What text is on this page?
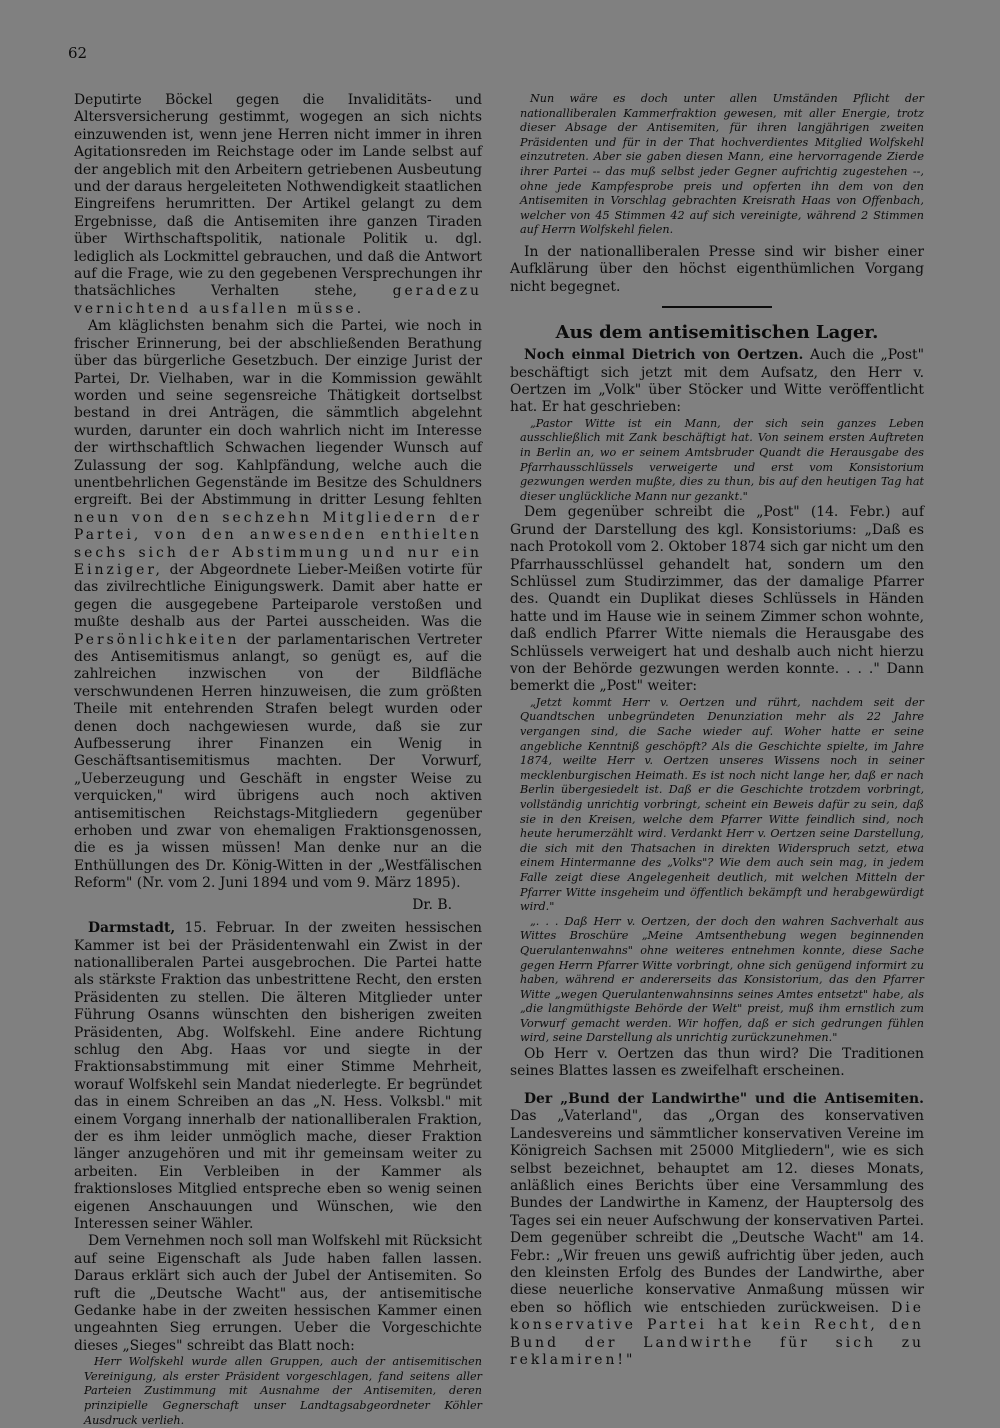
62

Deputirte Böckel gegen die Invaliditäts- und Altersversicherung gestimmt, wogegen an sich nichts einzuwenden ist, wenn jene Herren nicht immer in ihren Agitationsreden im Reichstage oder im Lande selbst auf der angeblich mit den Arbeitern getriebenen Ausbeutung und der daraus hergeleiteten Nothwendigkeit staatlichen Eingreifens herumritten. Der Artikel gelangt zu dem Ergebnisse, daß die Antisemiten ihre ganzen Tiraden über Wirthschaftspolitik, nationale Politik u. dgl. lediglich als Lockmittel gebrauchen, und daß die Antwort auf die Frage, wie zu den gegebenen Versprechungen ihr thatsächliches Verhalten stehe,	geradezu vernichtend ausfallen müsse.

Am kläglichsten benahm sich die Partei, wie noch in frischer Erinnerung, bei der abschließenden Berathung über das bürgerliche Gesetzbuch. Der einzige Jurist der Partei, Dr. Vielhaben, war in die Kommission gewählt worden und seine segensreiche Thätigkeit dortselbst bestand in drei Anträgen, die sämmtlich abgelehnt wurden, darunter ein doch wahrlich nicht im Interesse der wirthschaftlich Schwachen liegender Wunsch auf Zulassung der sog. Kahlpfändung, welche auch die unentbehrlichen Gegenstände im Besitze des Schuldners ergreift. Bei der Abstimmung in dritter Lesung fehlten neun von den sechzehn Mitgliedern der Partei, von den anwesenden enthielten sechs sich der Abstimmung und nur ein Einziger, der Abgeordnete Lieber-Meißen votirte für das zivilrechtliche Einigungswerk. Damit aber hatte er gegen die ausgegebene Parteiparole verstoßen und mußte deshalb aus der Partei ausscheiden. Was die Persönlichkeiten der parlamentarischen Vertreter des Antisemitismus anlangt, so genügt es, auf die zahlreichen inzwischen von der Bildfläche verschwundenen Herren hinzuweisen, die zum größten Theile mit entehrenden Strafen belegt wurden oder denen doch nachgewiesen wurde, daß sie zur Aufbesserung ihrer Finanzen ein Wenig in Geschäftsantisemitismus machten. Der Vorwurf, „Ueberzeugung und Geschäft in engster Weise zu verquicken," wird übrigens auch noch aktiven antisemitischen Reichstags-Mitgliedern gegenüber erhoben und zwar von ehemaligen Fraktionsgenossen, die es ja wissen müssen! Man denke nur an die Enthüllungen des Dr. König-Witten in der „Westfälischen Reform" (Nr. vom 2. Juni 1894 und vom 9. März 1895).

Dr. B.

Darmstadt, 15. Februar. In der zweiten hessischen Kammer ist bei der Präsidentenwahl ein Zwist in der nationalliberalen Partei ausgebrochen. Die Partei hatte als stärkste Fraktion das unbestrittene Recht, den ersten Präsidenten zu stellen. Die älteren Mitglieder unter Führung Osanns wünschten den bisherigen zweiten Präsidenten, Abg. Wolfskehl. Eine andere Richtung schlug den Abg. Haas vor und siegte in der Fraktionsabstimmung mit einer Stimme Mehrheit, worauf Wolfskehl sein Mandat niederlegte. Er begründet das in einem Schreiben an das „N. Hess. Volksbl." mit einem Vorgang innerhalb der nationalliberalen Fraktion, der es ihm leider unmöglich mache, dieser Fraktion länger anzugehören und mit ihr gemeinsam weiter zu arbeiten. Ein Verbleiben in der Kammer als fraktionsloses Mitglied entspreche eben so wenig seinen eigenen Anschauungen und Wünschen, wie den Interessen seiner Wähler.

Dem Vernehmen noch soll man Wolfskehl mit Rücksicht auf seine Eigenschaft als Jude haben fallen lassen. Daraus erklärt sich auch der Jubel der Antisemiten. So ruft die „Deutsche Wacht" aus, der antisemitische Gedanke habe in der zweiten hessischen Kammer einen ungeahnten Sieg errungen. Ueber die Vorgeschichte dieses „Sieges" schreibt das Blatt noch:

Herr Wolfskehl wurde allen Gruppen, auch der antisemitischen Vereinigung, als erster Präsident vorgeschlagen, fand seitens aller Parteien Zustimmung mit Ausnahme der Antisemiten, deren prinzipielle Gegnerschaft unser Landtagsabgeordneter Köhler Ausdruck verlieh.

Nun wäre es doch unter allen Umständen Pflicht der nationalliberalen Kammerfraktion gewesen, mit aller Energie, trotz dieser Absage der Antisemiten, für ihren langjährigen zweiten Präsidenten und für in der That hochverdientes Mitglied Wolfskehl einzutreten. Aber sie gaben diesen Mann, eine hervorragende Zierde ihrer Partei -- das muß selbst jeder Gegner aufrichtig zugestehen --, ohne jede Kampfesprobe preis und opferten ihn dem von den Antisemiten in Vorschlag gebrachten Kreisrath Haas von Offenbach, welcher von 45 Stimmen 42 auf sich vereinigte, während 2 Stimmen auf Herrn Wolfskehl fielen.

In der nationalliberalen Presse sind wir bisher einer Aufklärung über den höchst eigenthümlichen Vorgang nicht begegnet.

Aus dem antisemitischen Lager.

Noch einmal Dietrich von Oertzen. Auch die „Post" beschäftigt sich jetzt mit dem Aufsatz, den Herr v. Oertzen im „Volk" über Stöcker und Witte veröffentlicht hat. Er hat geschrieben:

„Pastor Witte ist ein Mann, der sich sein ganzes Leben ausschließlich mit Zank beschäftigt hat. Von seinem ersten Auftreten in Berlin an, wo er seinem Amtsbruder Quandt die Herausgabe des Pfarrhausschlüssels verweigerte und erst vom Konsistorium gezwungen werden mußte, dies zu thun, bis auf den heutigen Tag hat dieser unglückliche Mann nur gezankt."

Dem gegenüber schreibt die „Post" (14. Febr.) auf Grund der Darstellung des kgl. Konsistoriums: „Daß es nach Protokoll vom 2. Oktober 1874 sich gar nicht um den Pfarrhausschlüssel gehandelt hat, sondern um den Schlüssel zum Studirzimmer, das der damalige Pfarrer des. Quandt ein Duplikat dieses Schlüssels in Händen hatte und im Hause wie in seinem Zimmer schon wohnte, daß endlich Pfarrer Witte niemals die Herausgabe des Schlüssels verweigert hat und deshalb auch nicht hierzu von der Behörde gezwungen werden konnte. . . ." Dann bemerkt die „Post" weiter:

„Jetzt kommt Herr v. Oertzen und rührt, nachdem seit der Quandtschen unbegründeten Denunziation mehr als 22 Jahre vergangen sind, die Sache wieder auf. Woher hatte er seine angebliche Kenntniß geschöpft? Als die Geschichte spielte, im Jahre 1874, weilte Herr v. Oertzen unseres Wissens noch in seiner mecklenburgischen Heimath. Es ist noch nicht lange her, daß er nach Berlin übergesiedelt ist. Daß er die Geschichte trotzdem vorbringt, vollständig unrichtig vorbringt, scheint ein Beweis dafür zu sein, daß sie in den Kreisen, welche dem Pfarrer Witte feindlich sind, noch heute herumerzählt wird. Verdankt Herr v. Oertzen seine Darstellung, die sich mit den Thatsachen in direkten Widerspruch setzt, etwa einem Hintermanne des „Volks"? Wie dem auch sein mag, in jedem Falle zeigt diese Angelegenheit deutlich, mit welchen Mitteln der Pfarrer Witte insgeheim und öffentlich bekämpft und herabgewürdigt wird."

„. . . Daß Herr v. Oertzen, der doch den wahren Sachverhalt aus Wittes Broschüre „Meine Amtsenthebung wegen beginnenden Querulantenwahns" ohne weiteres entnehmen konnte, diese Sache gegen Herrn Pfarrer Witte vorbringt, ohne sich genügend informirt zu haben, während er andererseits das Konsistorium, das den Pfarrer Witte „wegen Querulantenwahnsinns seines Amtes entsetzt" habe, als „die langmüthigste Behörde der Welt" preist, muß ihm ernstlich zum Vorwurf gemacht werden. Wir hoffen, daß er sich gedrungen fühlen wird, seine Darstellung als unrichtig zurückzunehmen."

Ob Herr v. Oertzen das thun wird? Die Traditionen seines Blattes lassen es zweifelhaft erscheinen.

Der „Bund der Landwirthe" und die Antisemiten. Das „Vaterland", das „Organ des konservativen Landesvereins und sämmtlicher konservativen Vereine im Königreich Sachsen mit 25000 Mitgliedern", wie es sich selbst bezeichnet, behauptet am 12. dieses Monats, anläßlich eines Berichts über eine Versammlung des Bundes der Landwirthe in Kamenz, der Hauptersolg des Tages sei ein neuer Aufschwung der konservativen Partei. Dem gegenüber schreibt die „Deutsche Wacht" am 14. Febr.: „Wir freuen uns gewiß aufrichtig über jeden, auch den kleinsten Erfolg des Bundes der Landwirthe, aber diese neuerliche konservative Anmaßung müssen wir eben so höflich wie entschieden zurückweisen. Die konservative Partei hat kein Recht, den Bund der Landwirthe für sich zu reklamiren!"
